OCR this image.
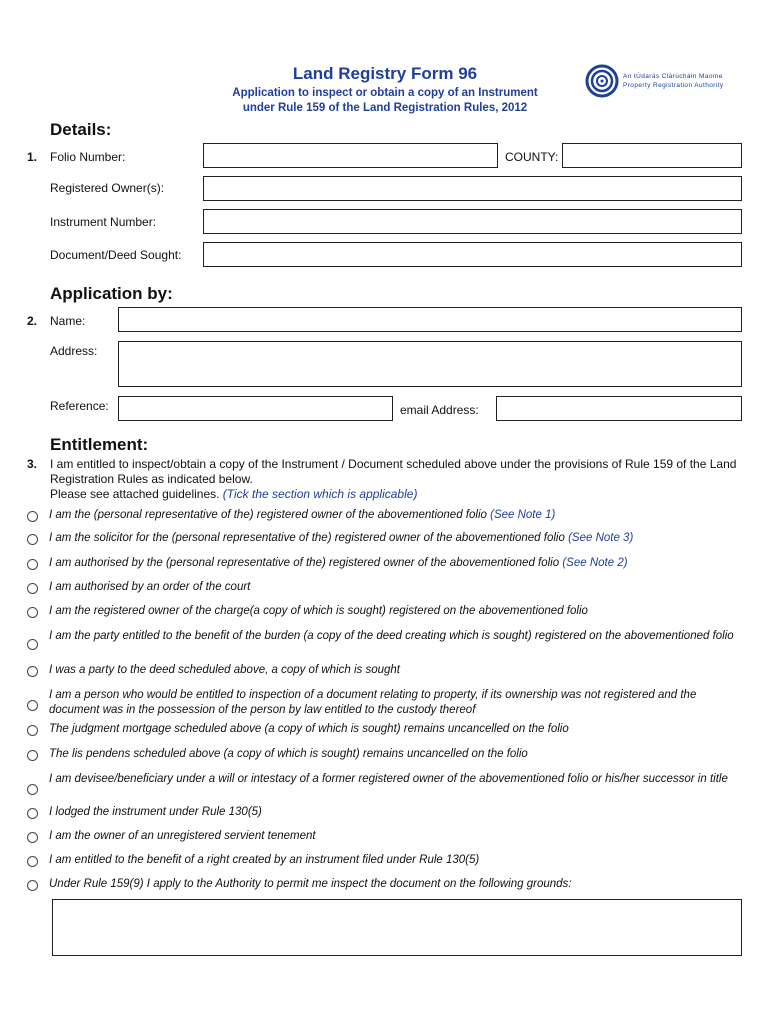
Land Registry Form 96
Application to inspect or obtain a copy of an Instrument
under Rule 159 of the Land Registration Rules, 2012
An tÚdarás Clárúcháin Maoine
Property Registration Authority
Details:
1. Folio Number:	COUNTY:
Registered Owner(s):
Instrument Number:
Document/Deed Sought:
Application by:
2. Name:
Address:
Reference:	email Address:
Entitlement:
3. I am entitled to inspect/obtain a copy of the Instrument / Document scheduled above under the provisions of Rule 159 of the Land Registration Rules as indicated below.
Please see attached guidelines. (Tick the section which is applicable)
I am the (personal representative of the) registered owner of the abovementioned folio (See Note 1)
I am the solicitor for the (personal representative of the) registered owner of the abovementioned folio (See Note 3)
I am authorised by the (personal representative of the) registered owner of the abovementioned folio (See Note 2)
I am authorised by an order of the court
I am the registered owner of the charge(a copy of which is sought) registered on the abovementioned folio
I am the party entitled to the benefit of the burden (a copy of the deed creating which is sought) registered on the abovementioned folio
I was a party to the deed scheduled above, a copy of which is sought
I am a person who would be entitled to inspection of a document relating to property, if its ownership was not registered and the document was in the possession of the person by law entitled to the custody thereof
The judgment mortgage scheduled above (a copy of which is sought) remains uncancelled on the folio
The lis pendens scheduled above (a copy of which is sought) remains uncancelled on the folio
I am devisee/beneficiary under a will or intestacy of a former registered owner of the abovementioned folio or his/her successor in title
I lodged the instrument under Rule 130(5)
I am the owner of an unregistered servient tenement
I am entitled to the benefit of a right created by an instrument filed under Rule 130(5)
Under Rule 159(9) I apply to the Authority to permit me inspect the document on the following grounds:
